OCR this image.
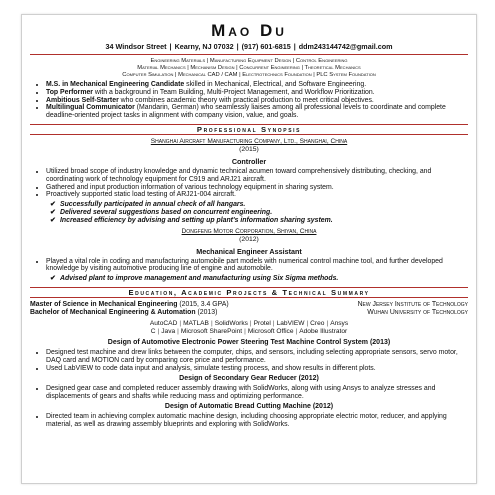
Mao Du
34 Windsor Street | Kearny, NJ 07032 | (917) 601-6815 | ddm243144742@gmail.com
Engineering Materials | Manufacturing Equipment Design | Control Engineering
Material Mechanics | Mechanism Design | Concurrent Engineering | Theoretical Mechanics
Computer Simulation | Mechanical CAD / CAM | Electrotechnics Foundation | PLC System Foundation
• M.S. in Mechanical Engineering Candidate skilled in Mechanical, Electrical, and Software Engineering.
• Top Performer with a background in Team Building, Multi-Project Management, and Workflow Prioritization.
• Ambitious Self-Starter who combines academic theory with practical production to meet critical objectives.
• Multilingual Communicator (Mandarin, German) who seamlessly liaises among all professional levels to coordinate and complete deadline-oriented project tasks in alignment with company vision, value, and goals.
Professional Synopsis
Shanghai Aircraft Manufacturing Company, Ltd., Shanghai, China
(2015)
Controller
• Utilized broad scope of industry knowledge and dynamic technical acumen toward comprehensively distributing, checking, and coordinating work of technology equipment for C919 and ARJ21 aircraft.
• Gathered and input production information of various technology equipment in sharing system.
• Proactively supported static load testing of ARJ21-004 aircraft.
✔ Successfully participated in annual check of all hangars.
✔ Delivered several suggestions based on concurrent engineering.
✔ Increased efficiency by advising and setting up plant's information sharing system.
Dongfeng Motor Corporation, Shiyan, China
(2012)
Mechanical Engineer Assistant
• Played a vital role in coding and manufacturing automobile part models with numerical control machine tool, and further developed knowledge by visiting automotive producing line of engine and automobile.
✔ Advised plant to improve management and manufacturing using Six Sigma methods.
Education, Academic Projects & Technical Summary
Master of Science in Mechanical Engineering (2015, 3.4 GPA)	New Jersey Institute of Technology
Bachelor of Mechanical Engineering & Automation (2013)	Wuhan University of Technology
AutoCAD | MATLAB | SolidWorks | Protel | LabVIEW | Creo | Ansys
C | Java | Microsoft SharePoint | Microsoft Office | Adobe Illustrator
Design of Automotive Electronic Power Steering Test Machine Control System (2013)
• Designed test machine and drew links between the computer, chips, and sensors, including selecting appropriate sensors, servo motor, DAQ card and MOTION card by comparing core price and performance.
• Used LabVIEW to code data input and analysis, simulate testing process, and show results in different plots.
Design of Secondary Gear Reducer (2012)
• Designed gear case and completed reducer assembly drawing with SolidWorks, along with using Ansys to analyze stresses and displacements of gears and shafts while reducing mass and optimizing performance.
Design of Automatic Bread Cutting Machine (2012)
• Directed team in achieving complex automatic machine design, including choosing appropriate electric motor, reducer, and applying material, as well as drawing assembly blueprints and exploring with SolidWorks.
